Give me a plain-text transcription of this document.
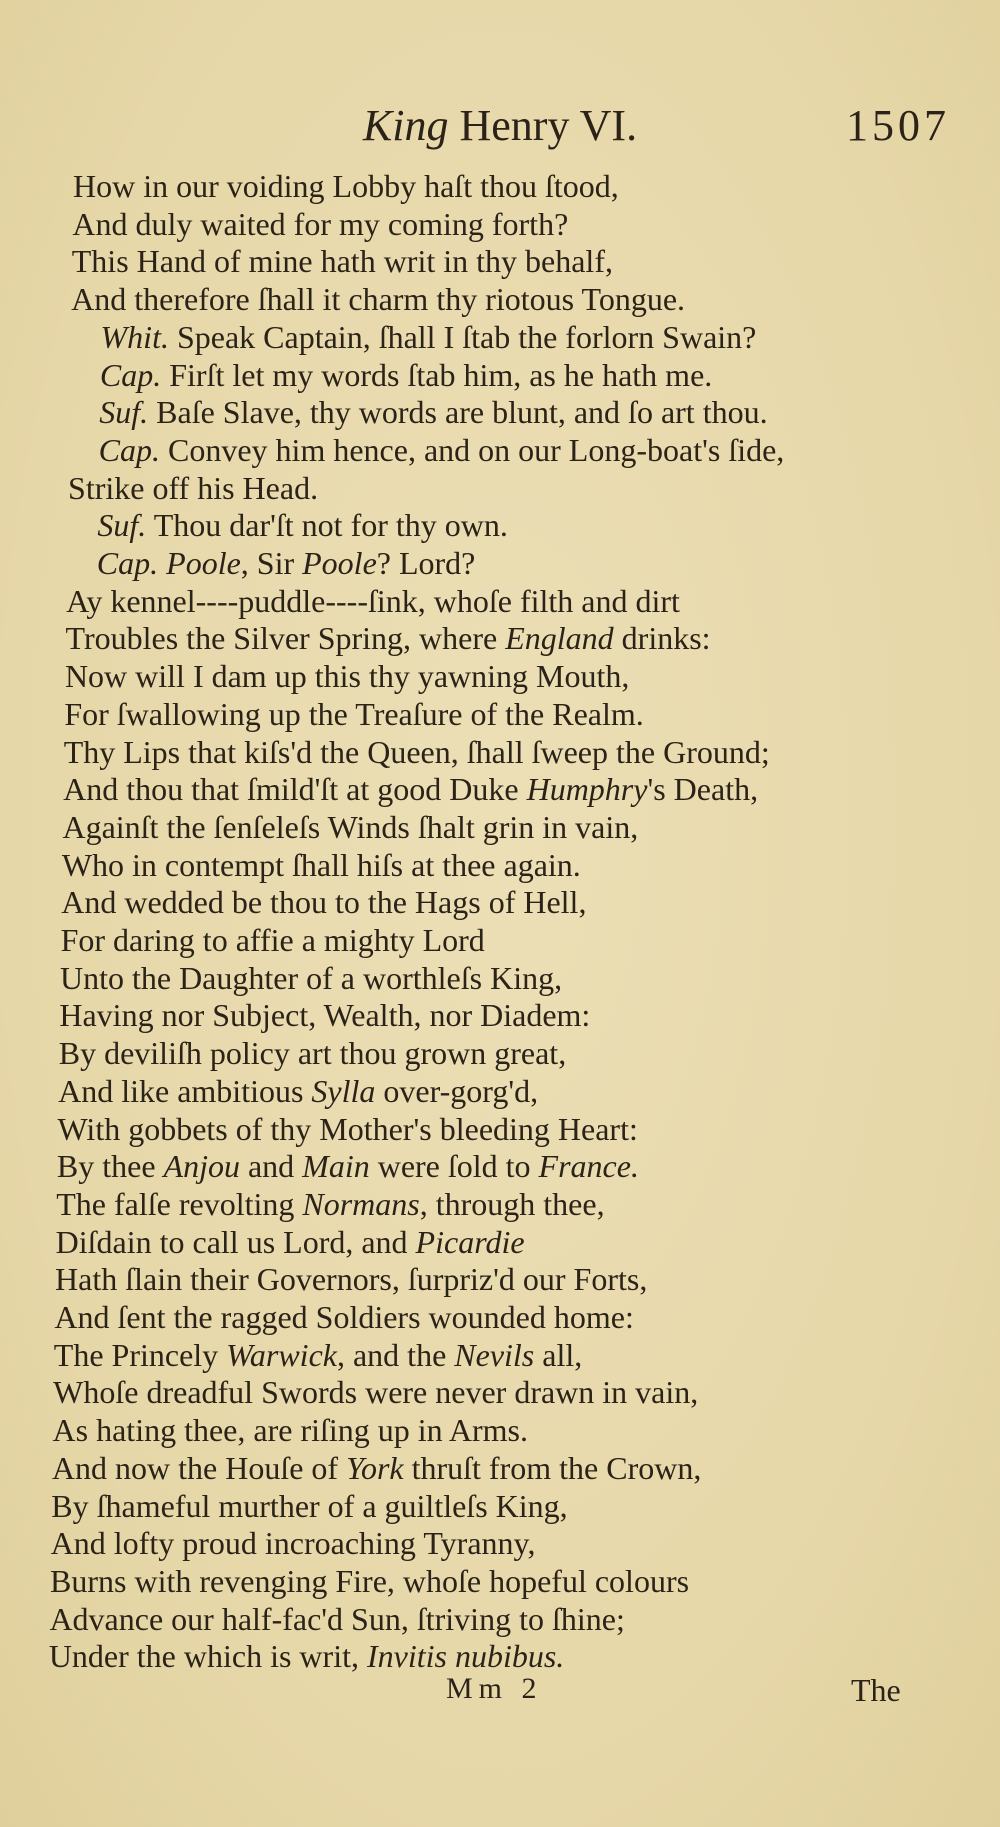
King Henry VI.	1507
How in our voiding Lobby haſt thou ſtood,
And duly waited for my coming forth?
This Hand of mine hath writ in thy behalf,
And therefore ſhall it charm thy riotous Tongue.
Whit. Speak Captain, ſhall I ſtab the forlorn Swain?
Cap. Firſt let my words ſtab him, as he hath me.
Suf. Baſe Slave, thy words are blunt, and ſo art thou.
Cap. Convey him hence, and on our Long-boat's ſide,
Strike off his Head.
Suf. Thou dar'ſt not for thy own.
Cap. Poole, Sir Poole? Lord?
Ay kennel----puddle----ſink, whoſe filth and dirt
Troubles the Silver Spring, where England drinks:
Now will I dam up this thy yawning Mouth,
For ſwallowing up the Treaſure of the Realm.
Thy Lips that kiſs'd the Queen, ſhall ſweep the Ground;
And thou that ſmild'ſt at good Duke Humphry's Death,
Againſt the ſenſeleſs Winds ſhalt grin in vain,
Who in contempt ſhall hiſs at thee again.
And wedded be thou to the Hags of Hell,
For daring to affie a mighty Lord
Unto the Daughter of a worthleſs King,
Having nor Subject, Wealth, nor Diadem:
By deviliſh policy art thou grown great,
And like ambitious Sylla over-gorg'd,
With gobbets of thy Mother's bleeding Heart:
By thee Anjou and Main were ſold to France.
The falſe revolting Normans, through thee,
Diſdain to call us Lord, and Picardie
Hath ſlain their Governors, ſurpriz'd our Forts,
And ſent the ragged Soldiers wounded home:
The Princely Warwick, and the Nevils all,
Whoſe dreadful Swords were never drawn in vain,
As hating thee, are riſing up in Arms.
And now the Houſe of York thruſt from the Crown,
By ſhameful murther of a guiltleſs King,
And lofty proud incroaching Tyranny,
Burns with revenging Fire, whoſe hopeful colours
Advance our half-fac'd Sun, ſtriving to ſhine;
Under the which is writ, Invitis nubibus.
Mm 2	The
